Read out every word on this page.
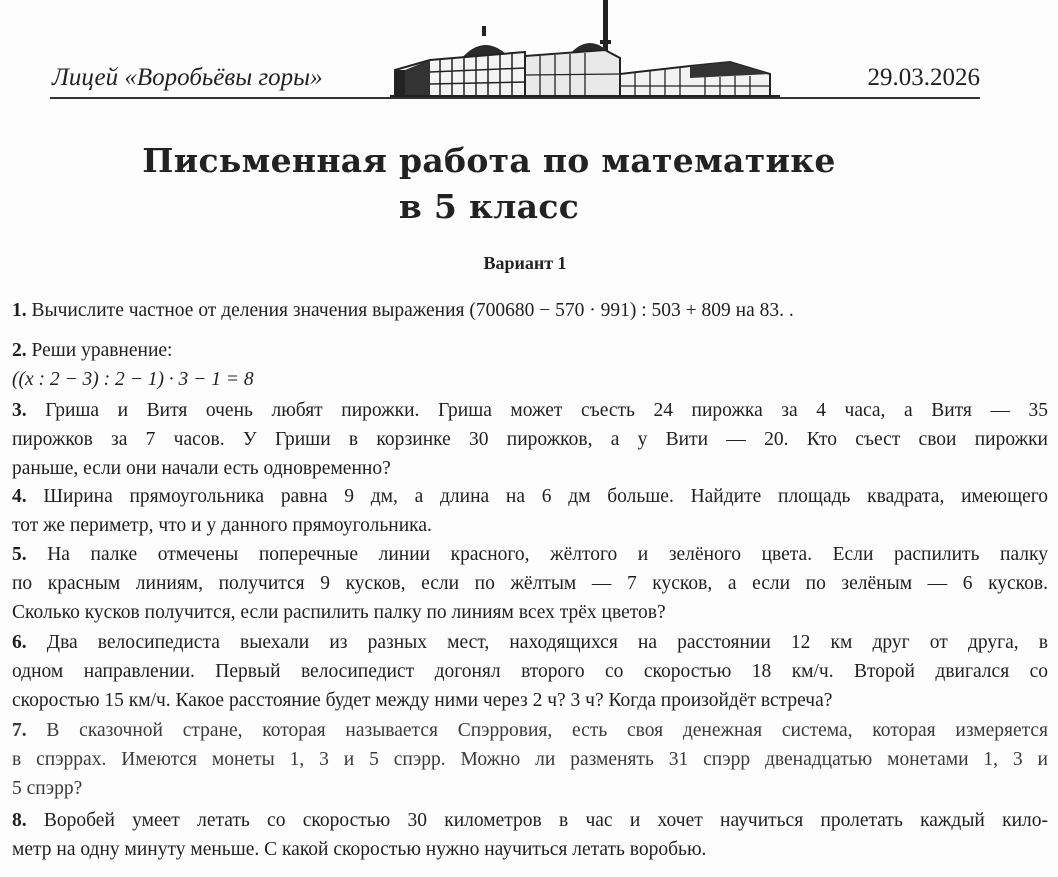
Лицей «Воробьёвы горы»	29.03.2026
Письменная работа по математике
в 5 класс
Вариант 1
1. Вычислите частное от деления значения выражения (700680 − 570 · 991) : 503 + 809 на 83. .
2. Реши уравнение:
((x : 2 − 3) : 2 − 1) · 3 − 1 = 8
3. Гриша и Витя очень любят пирожки. Гриша может съесть 24 пирожка за 4 часа, а Витя — 35
пирожков за 7 часов. У Гриши в корзинке 30 пирожков, а у Вити — 20. Кто съест свои пирожки
раньше, если они начали есть одновременно?
4. Ширина прямоугольника равна 9 дм, а длина на 6 дм больше. Найдите площадь квадрата, имеющего
тот же периметр, что и у данного прямоугольника.
5. На палке отмечены поперечные линии красного, жёлтого и зелёного цвета. Если распилить палку
по красным линиям, получится 9 кусков, если по жёлтым — 7 кусков, а если по зелёным — 6 кусков.
Сколько кусков получится, если распилить палку по линиям всех трёх цветов?
6. Два велосипедиста выехали из разных мест, находящихся на расстоянии 12 км друг от друга, в
одном направлении. Первый велосипедист догонял второго со скоростью 18 км/ч. Второй двигался со
скоростью 15 км/ч. Какое расстояние будет между ними через 2 ч? 3 ч? Когда произойдёт встреча?
7. В сказочной стране, которая называется Спэрровия, есть своя денежная система, которая измеряется
в спэррах. Имеются монеты 1, 3 и 5 спэрр. Можно ли разменять 31 спэрр двенадцатью монетами 1, 3 и
5 спэрр?
8. Воробей умеет летать со скоростью 30 километров в час и хочет научиться пролетать каждый кило-
метр на одну минуту меньше. С какой скоростью нужно научиться летать воробью.
